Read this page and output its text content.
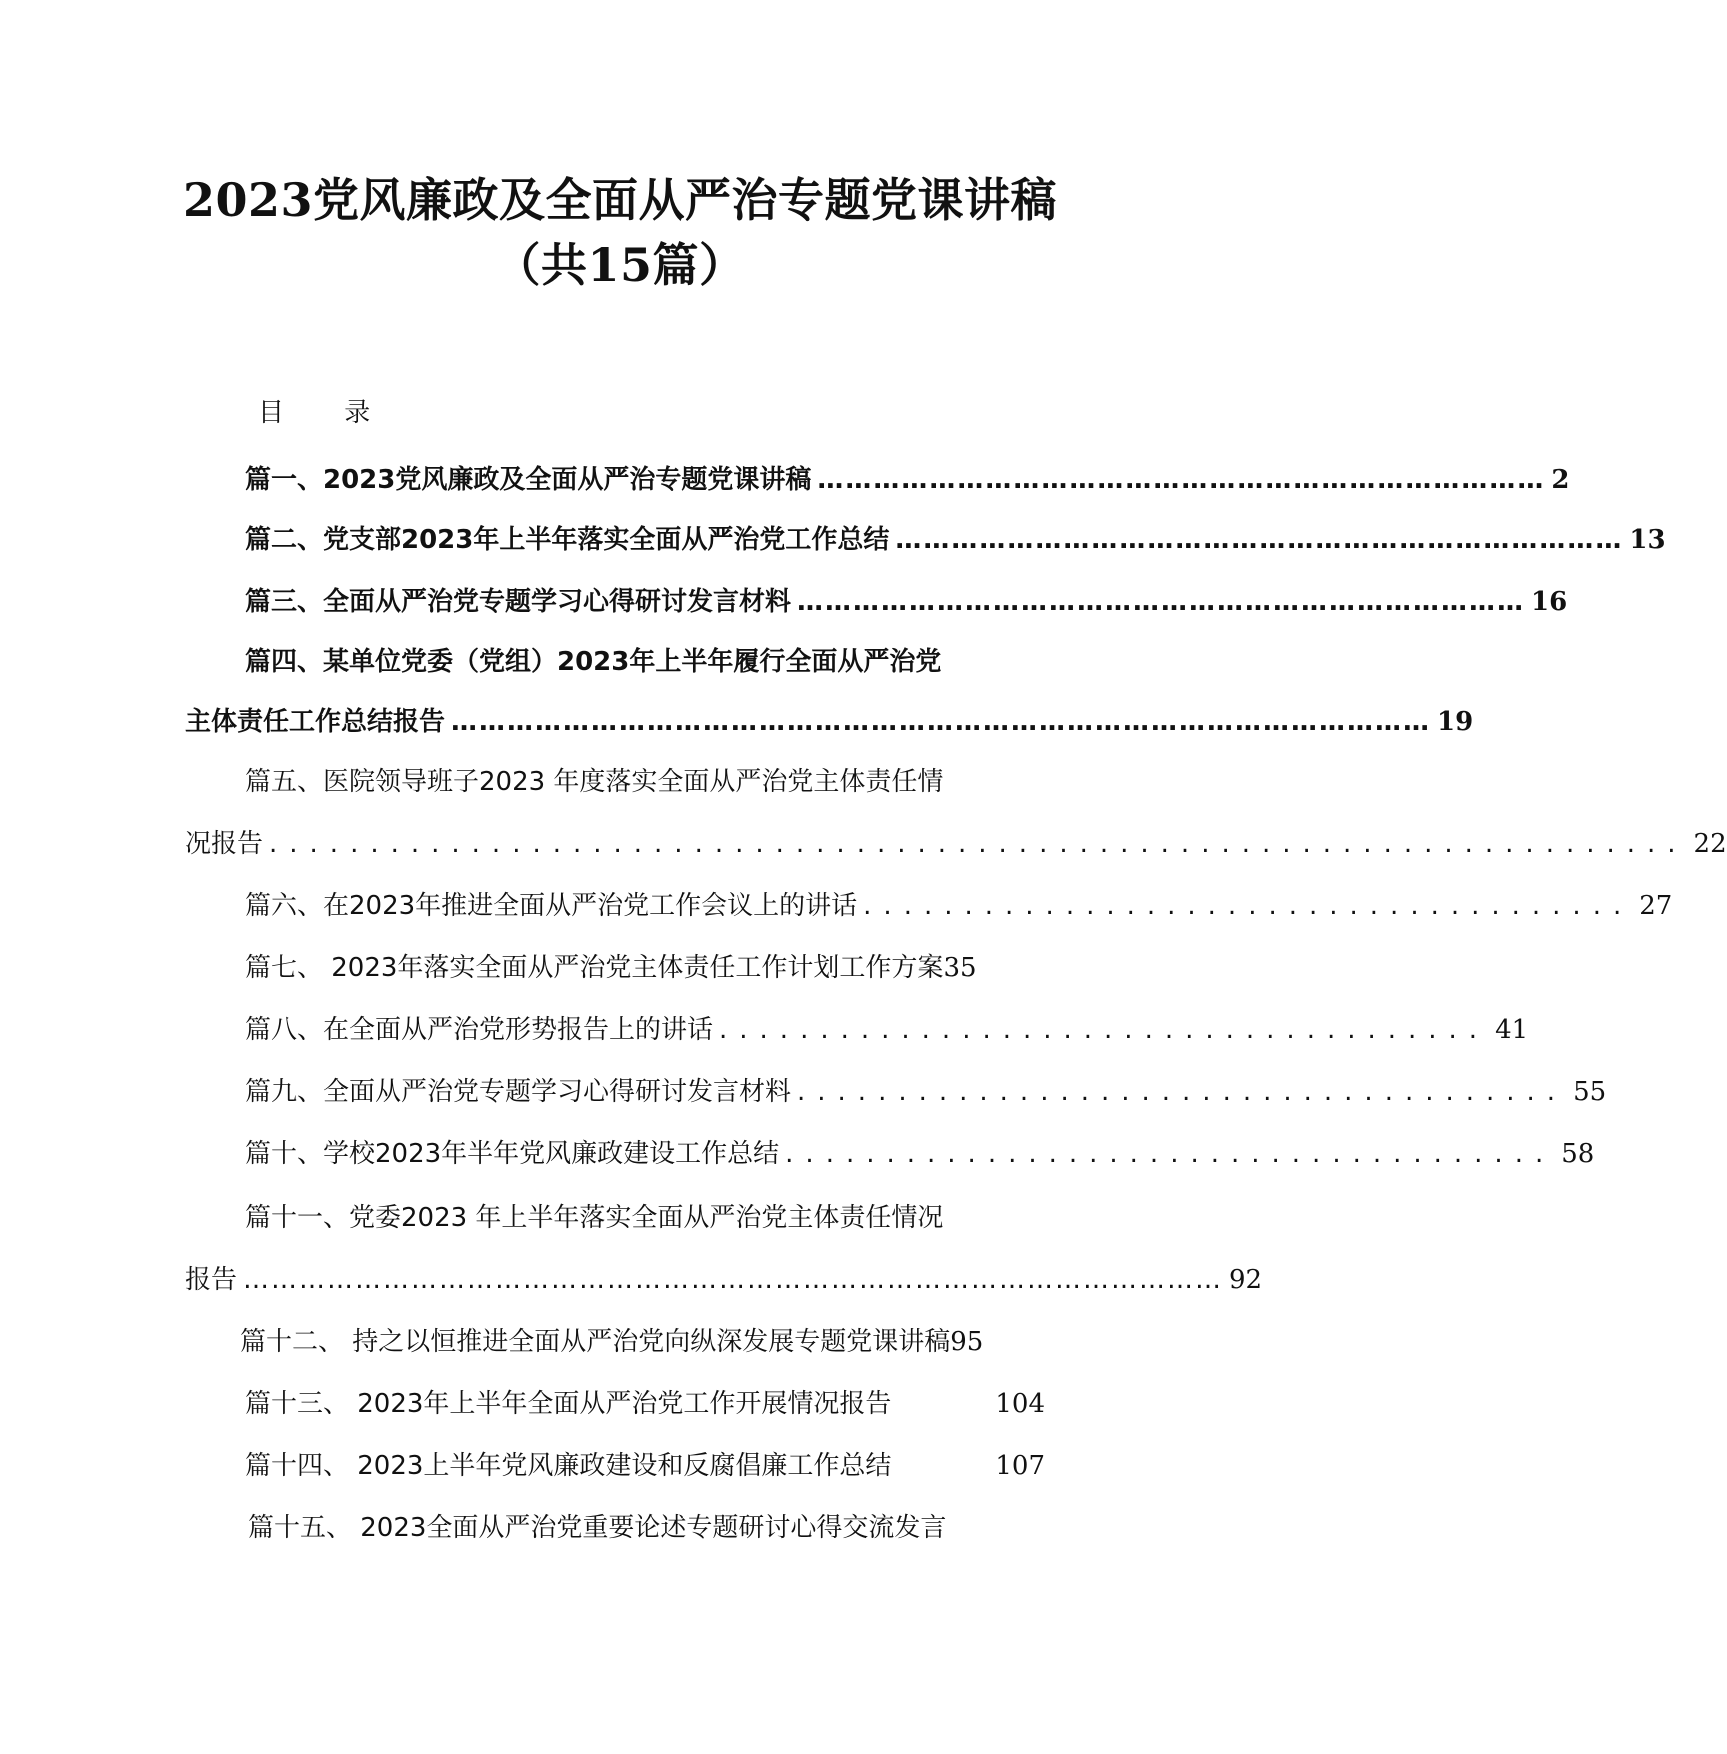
2023党风廉政及全面从严治专题党课讲稿
（共15篇）
目 录
篇一、2023党风廉政及全面从严治专题党课讲稿 …………………………………………………………………… 2
篇二、党支部2023年上半年落实全面从严治党工作总结 …………………………………………………………………… 13
篇三、全面从严治党专题学习心得研讨发言材料 …………………………………………………………………… 16
篇四、某单位党委（党组）2023年上半年履行全面从严治党
主体责任工作总结报告 …………………………………………………………………………………………… 19
篇五、医院领导班子2023 年度落实全面从严治党主体责任情
况报告 ...................................................................... 22
篇六、在2023年推进全面从严治党工作会议上的讲话 ...................................... 27
篇七、 2023年落实全面从严治党主体责任工作计划工作方案 35
篇八、在全面从严治党形势报告上的讲话 ...................................... 41
篇九、全面从严治党专题学习心得研讨发言材料 ...................................... 55
篇十、学校2023年半年党风廉政建设工作总结 ...................................... 58
篇十一、党委2023 年上半年落实全面从严治党主体责任情况
报告 …………………………………………………………………………………………… 92
篇十二、 持之以恒推进全面从严治党向纵深发展专题党课讲稿 95
篇十三、 2023年上半年全面从严治党工作开展情况报告	104
篇十四、 2023上半年党风廉政建设和反腐倡廉工作总结	107
篇十五、 2023全面从严治党重要论述专题研讨心得交流发言
